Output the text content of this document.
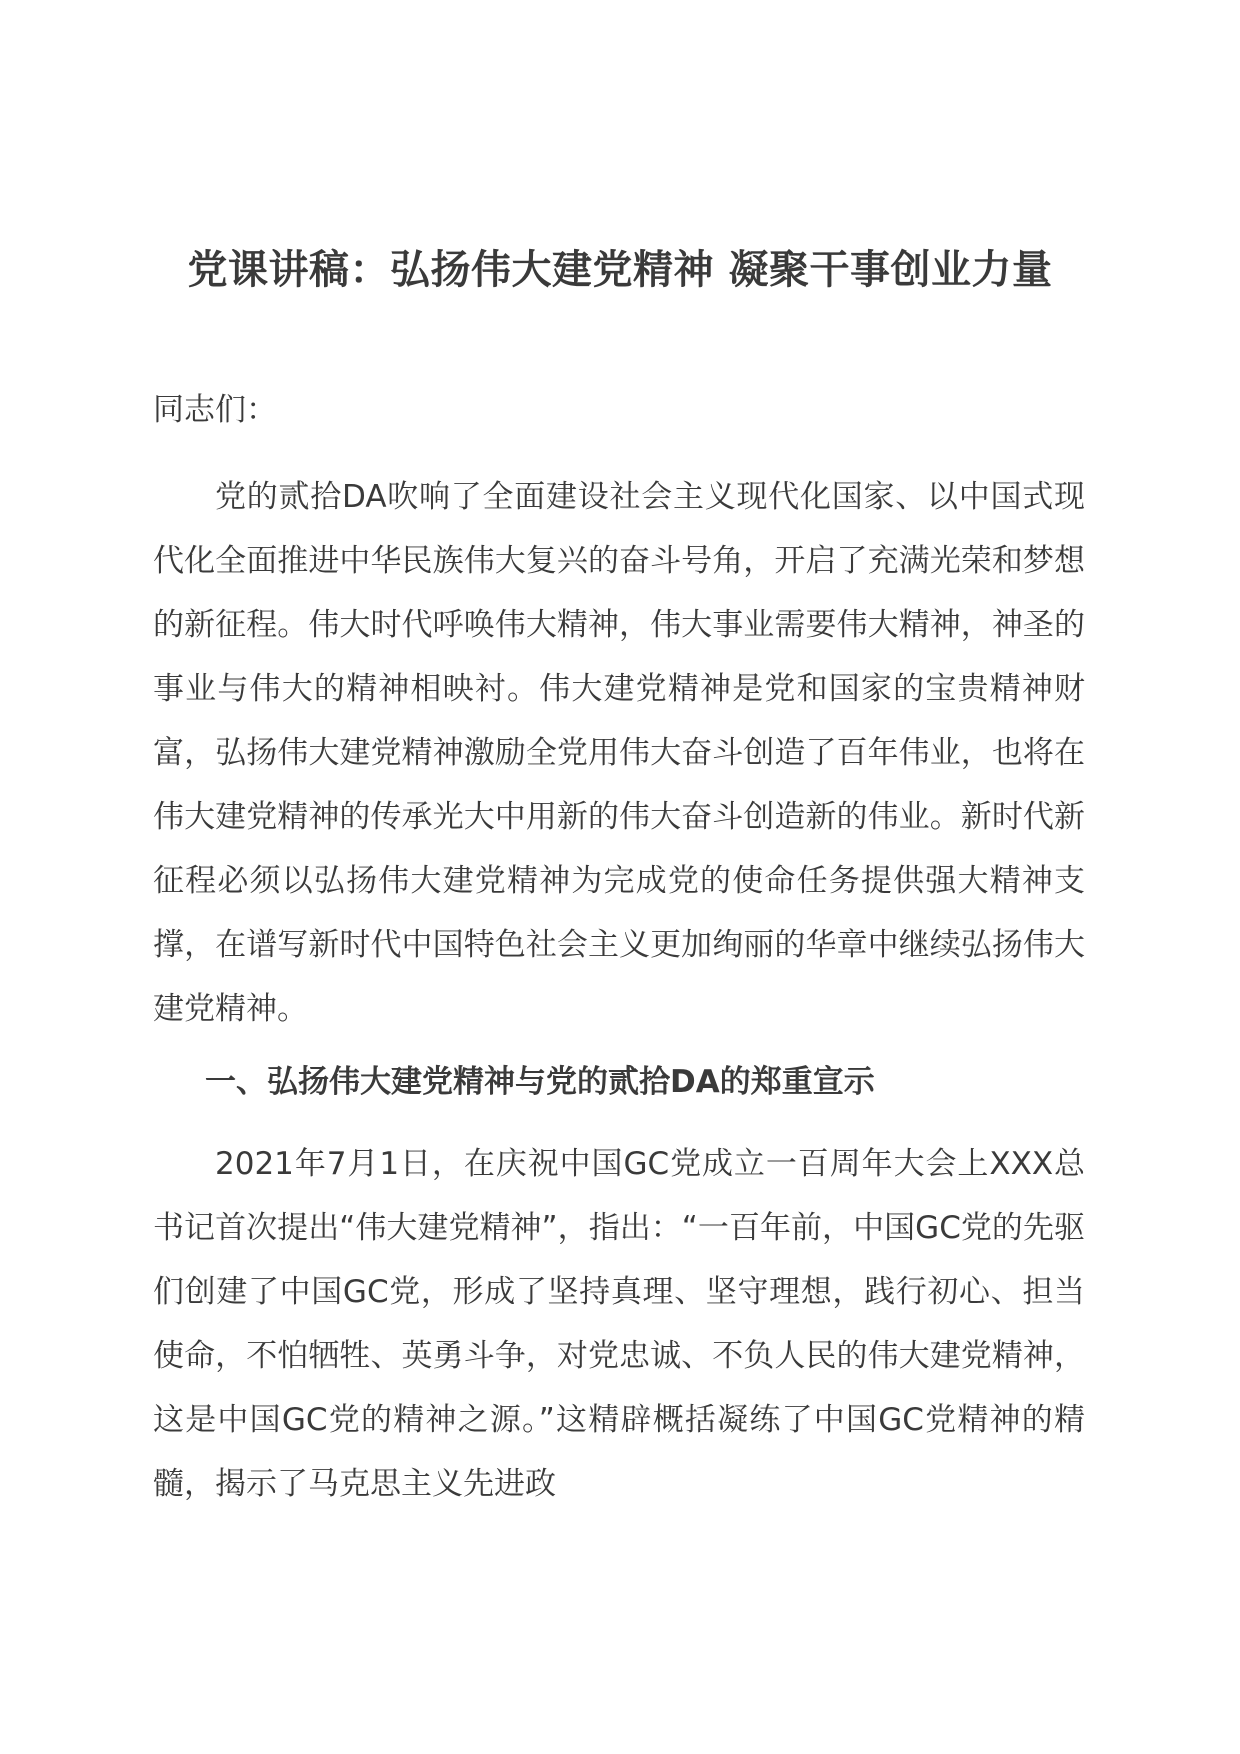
党课讲稿：弘扬伟大建党精神 凝聚干事创业力量
同志们：

党的贰拾DA吹响了全面建设社会主义现代化国家、以中国式现代化全面推进中华民族伟大复兴的奋斗号角，开启了充满光荣和梦想的新征程。伟大时代呼唤伟大精神，伟大事业需要伟大精神，神圣的事业与伟大的精神相映衬。伟大建党精神是党和国家的宝贵精神财富，弘扬伟大建党精神激励全党用伟大奋斗创造了百年伟业，也将在伟大建党精神的传承光大中用新的伟大奋斗创造新的伟业。新时代新征程必须以弘扬伟大建党精神为完成党的使命任务提供强大精神支撑，在谱写新时代中国特色社会主义更加绚丽的华章中继续弘扬伟大建党精神。

一、弘扬伟大建党精神与党的贰拾DA的郑重宣示

2021年7月1日，在庆祝中国GC党成立一百周年大会上XXX总书记首次提出“伟大建党精神”，指出：“一百年前，中国GC党的先驱们创建了中国GC党，形成了坚持真理、坚守理想，践行初心、担当使命，不怕牺牲、英勇斗争，对党忠诚、不负人民的伟大建党精神，这是中国GC党的精神之源。”这精辟概括凝练了中国GC党精神的精髓，揭示了马克思主义先进政
